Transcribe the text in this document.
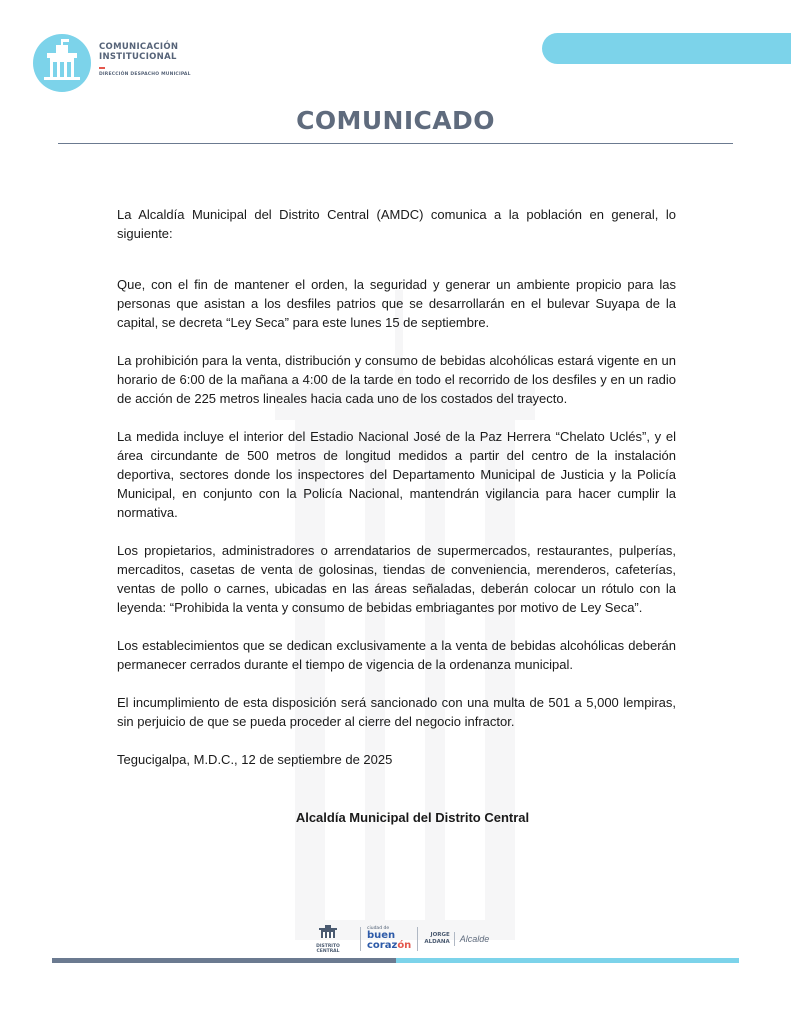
COMUNICACIÓN
INSTITUCIONAL
DIRECCIÓN DESPACHO MUNICIPAL
COMUNICADO

La Alcaldía Municipal del Distrito Central (AMDC) comunica a la población en general, lo siguiente:

Que, con el fin de mantener el orden, la seguridad y generar un ambiente propicio para las personas que asistan a los desfiles patrios que se desarrollarán en el bulevar Suyapa de la capital, se decreta “Ley Seca” para este lunes 15 de septiembre.

La prohibición para la venta, distribución y consumo de bebidas alcohólicas estará vigente en un horario de 6:00 de la mañana a 4:00 de la tarde en todo el recorrido de los desfiles y en un radio de acción de 225 metros lineales hacia cada uno de los costados del trayecto.

La medida incluye el interior del Estadio Nacional José de la Paz Herrera “Chelato Uclés”, y el área circundante de 500 metros de longitud medidos a partir del centro de la instalación deportiva, sectores donde los inspectores del Departamento Municipal de Justicia y la Policía Municipal, en conjunto con la Policía Nacional, mantendrán vigilancia para hacer cumplir la normativa.

Los propietarios, administradores o arrendatarios de supermercados, restaurantes, pulperías, mercaditos, casetas de venta de golosinas, tiendas de conveniencia, merenderos, cafeterías, ventas de pollo o carnes, ubicadas en las áreas señaladas, deberán colocar un rótulo con la leyenda: “Prohibida la venta y consumo de bebidas embriagantes por motivo de Ley Seca”.

Los establecimientos que se dedican exclusivamente a la venta de bebidas alcohólicas deberán permanecer cerrados durante el tiempo de vigencia de la ordenanza municipal.

El incumplimiento de esta disposición será sancionado con una multa de 501 a 5,000 lempiras, sin perjuicio de que se pueda proceder al cierre del negocio infractor.

Tegucigalpa, M.D.C., 12 de septiembre de 2025

Alcaldía Municipal del Distrito Central
DISTRITO
CENTRAL
ciudad de
buen
corazón
JORGE
ALDANA Alcalde
